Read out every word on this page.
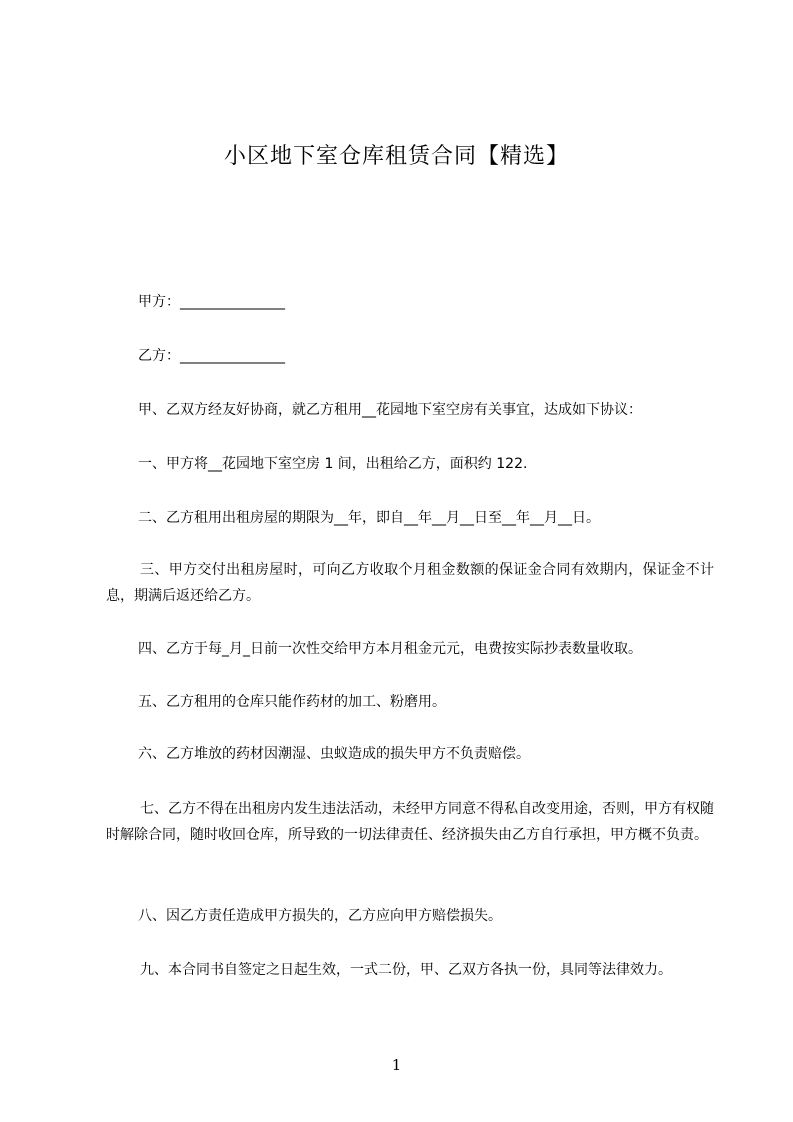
小区地下室仓库租赁合同【精选】
甲方：_______________
乙方：_______________
甲、乙双方经友好协商，就乙方租用__花园地下室空房有关事宜，达成如下协议：
一、甲方将__花园地下室空房 1 间，出租给乙方，面积约 122.
二、乙方租用出租房屋的期限为__年，即自__年__月__日至__年__月__日。
三、甲方交付出租房屋时，可向乙方收取个月租金数额的保证金合同有效期内，保证金不计息，期满后返还给乙方。
四、乙方于每_月_日前一次性交给甲方本月租金元元，电费按实际抄表数量收取。
五、乙方租用的仓库只能作药材的加工、粉磨用。
六、乙方堆放的药材因潮湿、虫蚁造成的损失甲方不负责赔偿。
七、乙方不得在出租房内发生违法活动，未经甲方同意不得私自改变用途，否则，甲方有权随时解除合同，随时收回仓库，所导致的一切法律责任、经济损失由乙方自行承担，甲方概不负责。
八、因乙方责任造成甲方损失的，乙方应向甲方赔偿损失。
九、本合同书自签定之日起生效，一式二份，甲、乙双方各执一份，具同等法律效力。
1
